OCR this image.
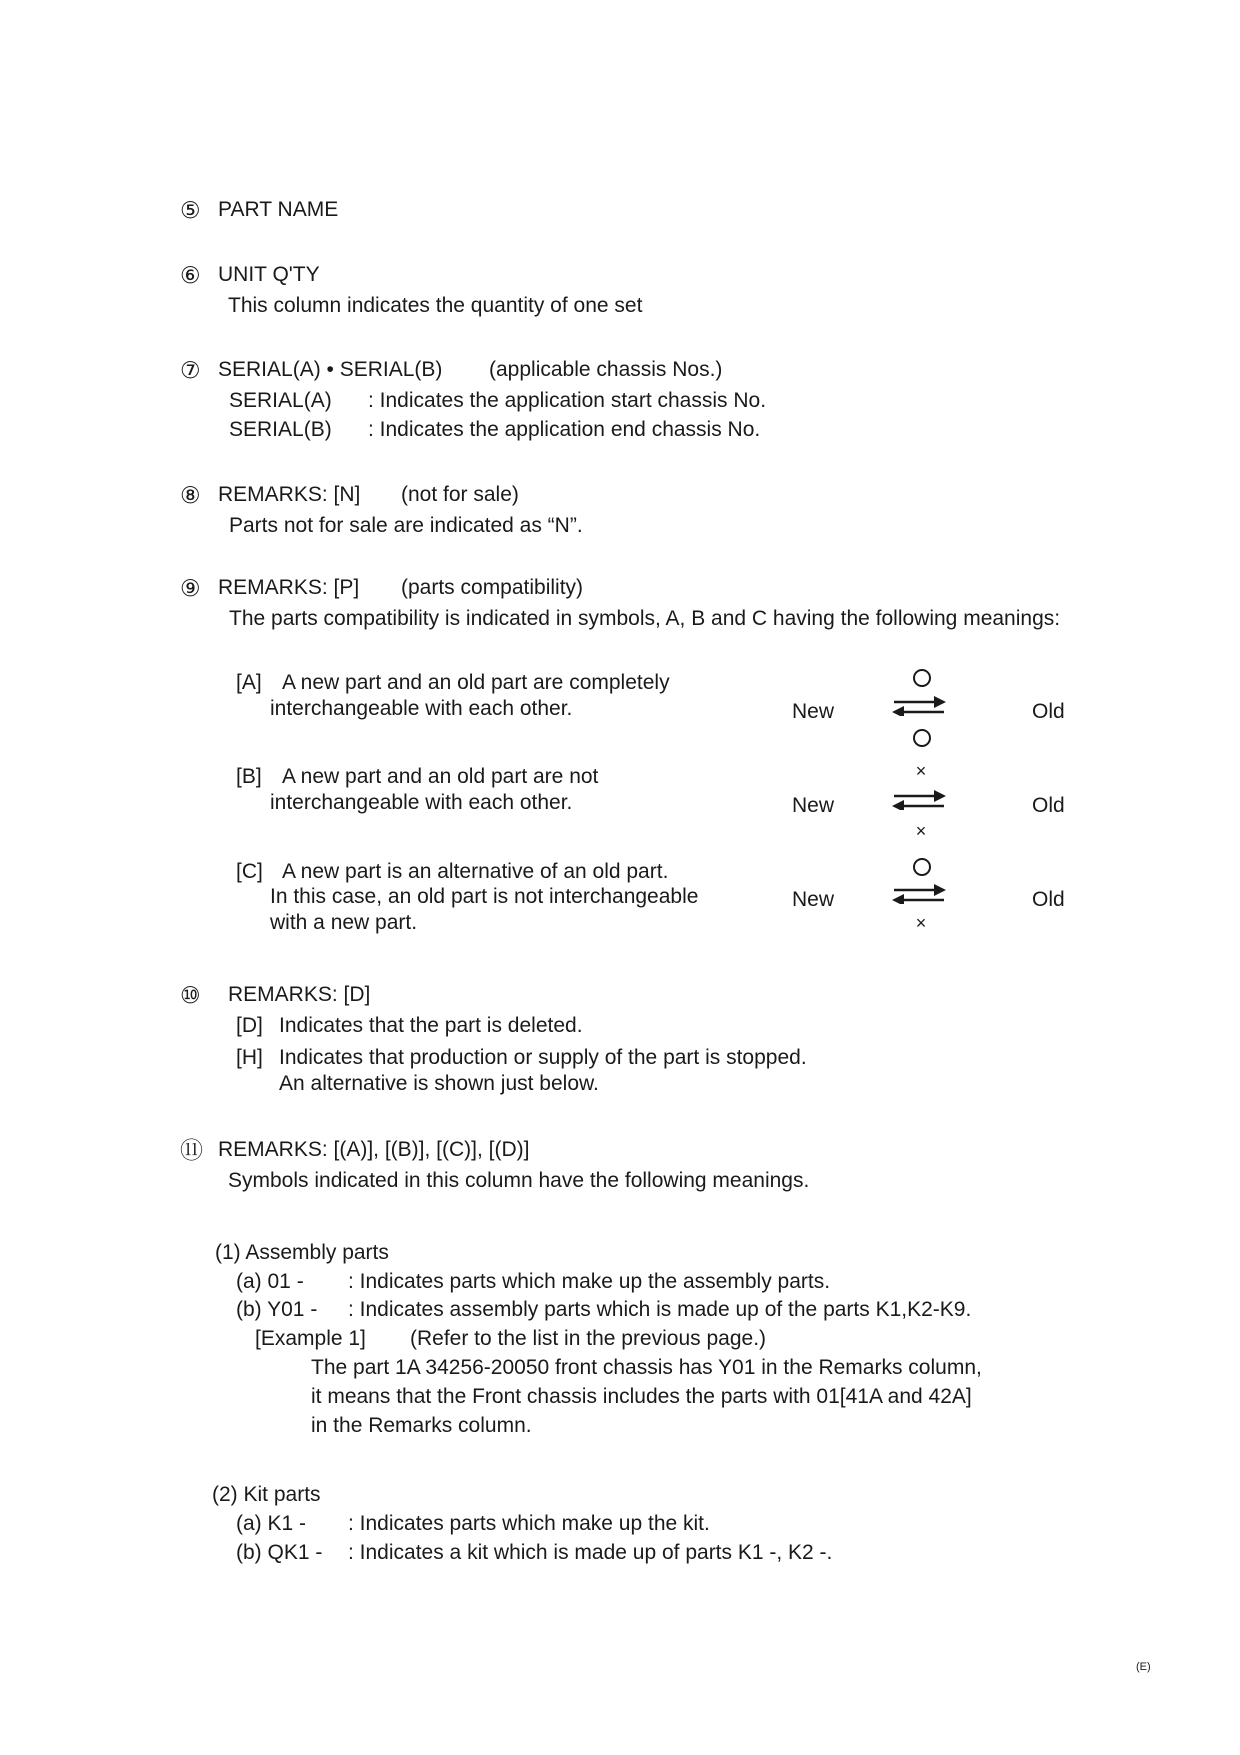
⑤ PART NAME
⑥ UNIT Q'TY
This column indicates the quantity of one set
⑦ SERIAL(A) • SERIAL(B) (applicable chassis Nos.)
SERIAL(A) : Indicates the application start chassis No.
SERIAL(B) : Indicates the application end chassis No.
⑧ REMARKS: [N] (not for sale)
Parts not for sale are indicated as “N”.
⑨ REMARKS: [P] (parts compatibility)
The parts compatibility is indicated in symbols, A, B and C having the following meanings:
[A] A new part and an old part are completely
interchangeable with each other.	New	Old
[B] A new part and an old part are not
interchangeable with each other.	New	Old
×
×
[C] A new part is an alternative of an old part.
In this case, an old part is not interchangeable
with a new part.
New	Old
×
⑩ REMARKS: [D]
[D] Indicates that the part is deleted.
[H] Indicates that production or supply of the part is stopped.
An alternative is shown just below.
⑪ REMARKS: [(A)], [(B)], [(C)], [(D)]
Symbols indicated in this column have the following meanings.
(1) Assembly parts
(a) 01 - : Indicates parts which make up the assembly parts.
(b) Y01 - : Indicates assembly parts which is made up of the parts K1,K2-K9.
[Example 1] (Refer to the list in the previous page.)
The part 1A 34256-20050 front chassis has Y01 in the Remarks column,
it means that the Front chassis includes the parts with 01[41A and 42A]
in the Remarks column.
(2) Kit parts
(a) K1 - : Indicates parts which make up the kit.
(b) QK1 - : Indicates a kit which is made up of parts K1 -, K2 -.
(E)
